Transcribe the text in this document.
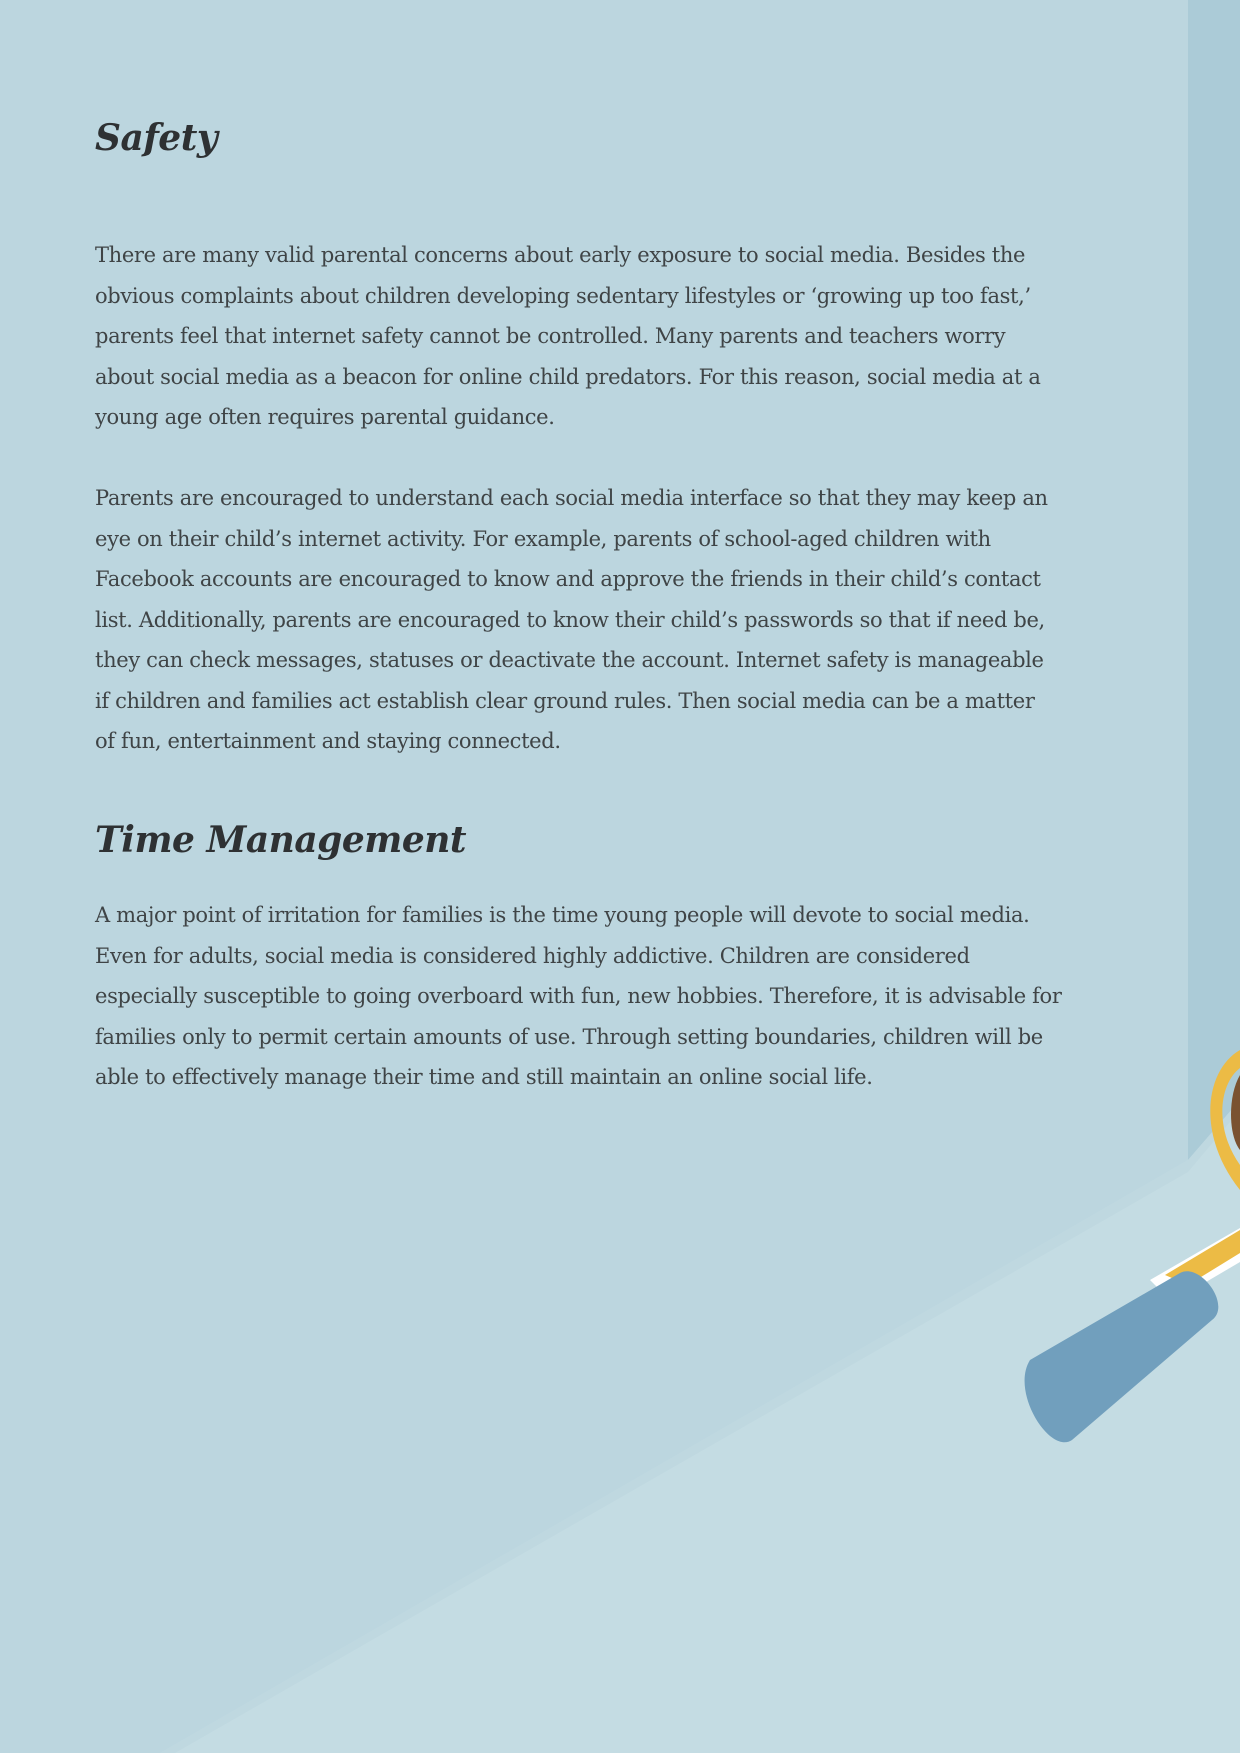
Safety

There are many valid parental concerns about early exposure to social media. Besides the
obvious complaints about children developing sedentary lifestyles or ‘growing up too fast,’
parents feel that internet safety cannot be controlled. Many parents and teachers worry
about social media as a beacon for online child predators. For this reason, social media at a
young age often requires parental guidance.

Parents are encouraged to understand each social media interface so that they may keep an
eye on their child’s internet activity. For example, parents of school-aged children with
Facebook accounts are encouraged to know and approve the friends in their child’s contact
list. Additionally, parents are encouraged to know their child’s passwords so that if need be,
they can check messages, statuses or deactivate the account. Internet safety is manageable
if children and families act establish clear ground rules. Then social media can be a matter
of fun, entertainment and staying connected.

Time Management

A major point of irritation for families is the time young people will devote to social media.
Even for adults, social media is considered highly addictive. Children are considered
especially susceptible to going overboard with fun, new hobbies. Therefore, it is advisable for
families only to permit certain amounts of use. Through setting boundaries, children will be
able to effectively manage their time and still maintain an online social life.
